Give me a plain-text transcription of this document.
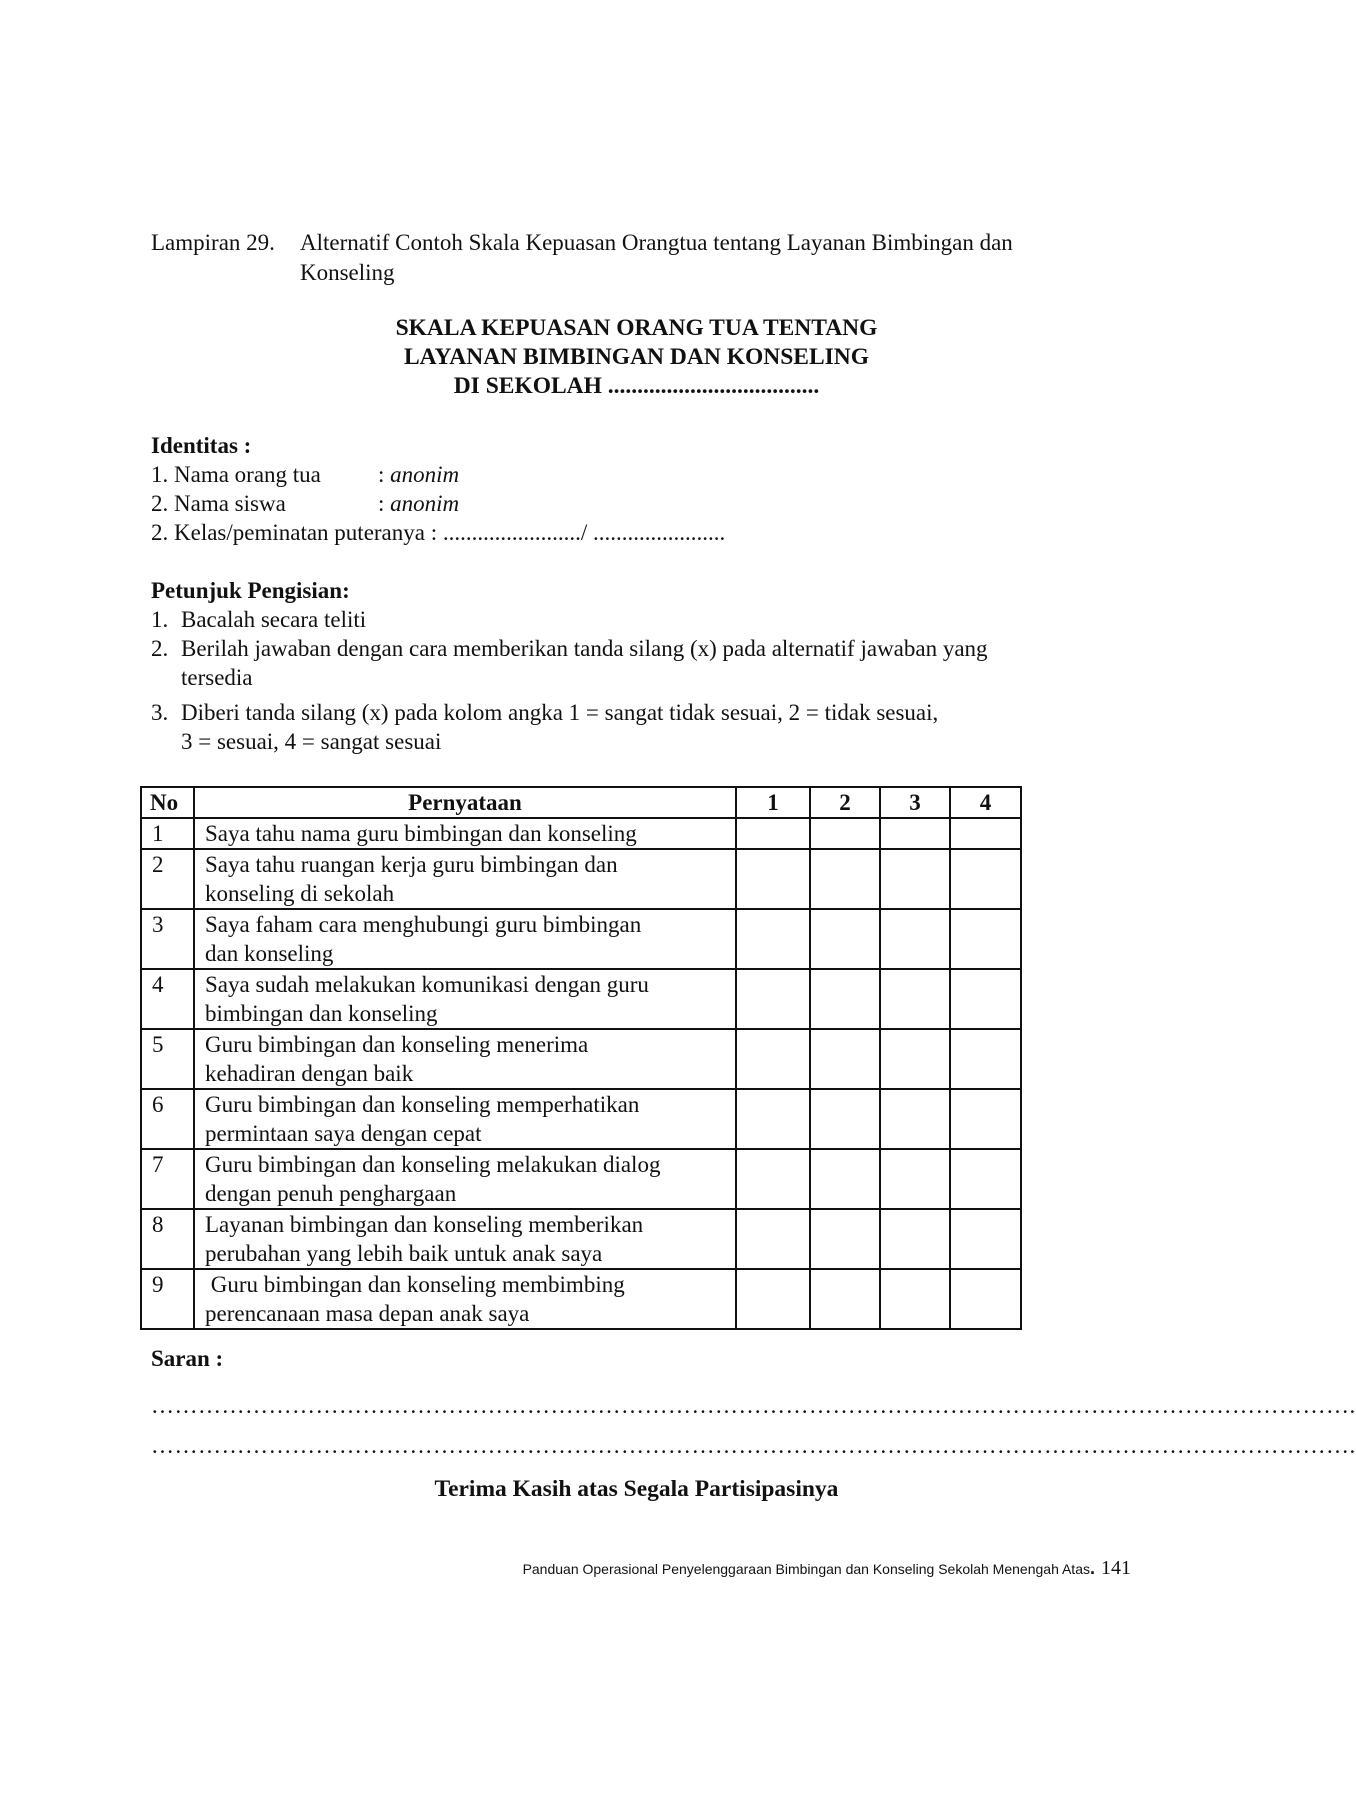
Lampiran 29. Alternatif Contoh Skala Kepuasan Orangtua tentang Layanan Bimbingan dan
Konseling
SKALA KEPUASAN ORANG TUA TENTANG
LAYANAN BIMBINGAN DAN KONSELING
DI SEKOLAH ....................................
Identitas :
1. Nama orang tua : anonim
2. Nama siswa	: anonim
2. Kelas/peminatan puteranya : ......................../ .......................
Petunjuk Pengisian:
1. Bacalah secara teliti
2. Berilah jawaban dengan cara memberikan tanda silang (x) pada alternatif jawaban yang
tersedia
3. Diberi tanda silang (x) pada kolom angka 1 = sangat tidak sesuai, 2 = tidak sesuai,
3 = sesuai, 4 = sangat sesuai
No	Pernyataan	1	2	3	4
1	Saya tahu nama guru bimbingan dan konseling				

2	Saya tahu ruangan kerja guru bimbingan dan
konseling di sekolah				

3	Saya faham cara menghubungi guru bimbingan
dan konseling				

4	Saya sudah melakukan komunikasi dengan guru
bimbingan dan konseling				

5	Guru bimbingan dan konseling menerima
kehadiran dengan baik				

6	Guru bimbingan dan konseling memperhatikan
permintaan saya dengan cepat				

7	Guru bimbingan dan konseling melakukan dialog
dengan penuh penghargaan				

8	Layanan bimbingan dan konseling memberikan
perubahan yang lebih baik untuk anak saya				

9	Guru bimbingan dan konseling membimbing
perencanaan masa depan anak saya				

Saran :
……………………………………………………………………………………………………………………………………….
……………………………………………………………………………………………………………………………………….
Terima Kasih atas Segala Partisipasinya
Panduan Operasional Penyelenggaraan Bimbingan dan Konseling Sekolah Menengah Atas. 141
